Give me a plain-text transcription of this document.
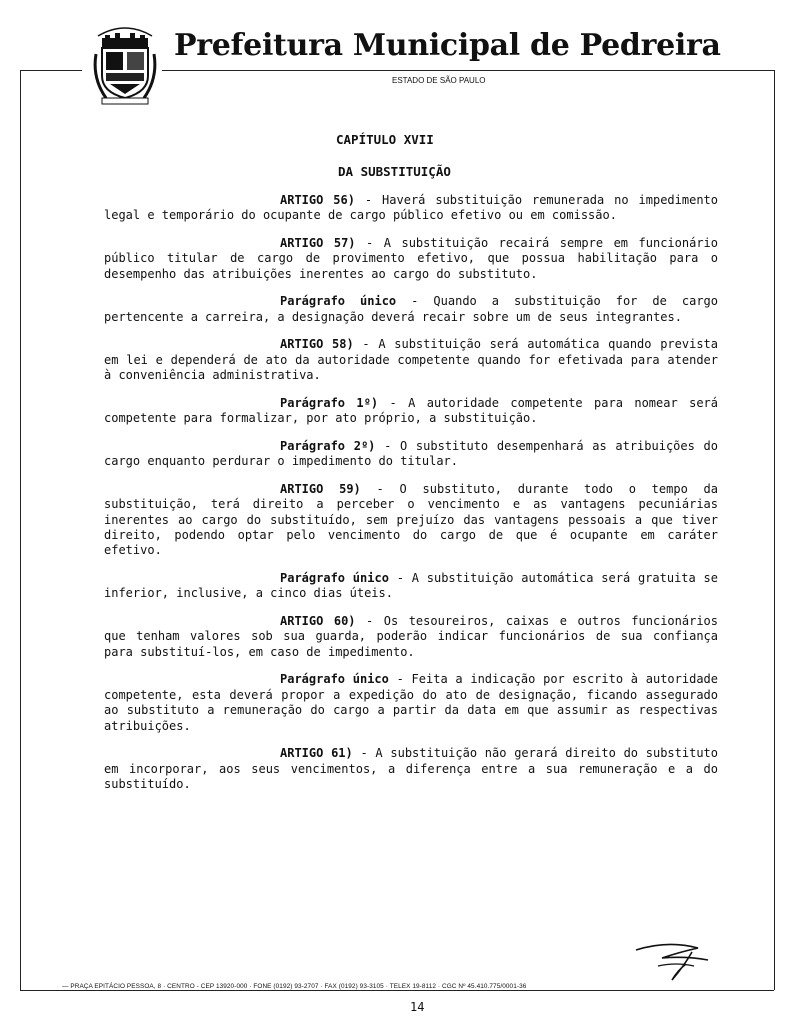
Prefeitura Municipal de Pedreira
ESTADO DE SÃO PAULO
CAPÍTULO XVII
DA SUBSTITUIÇÃO

ARTIGO 56) - Haverá substituição remunerada no impedimento legal e temporário do ocupante de cargo público efetivo ou em comissão.

ARTIGO 57) - A substituição recairá sempre em funcionário público titular de cargo de provimento efetivo, que possua habilitação para o desempenho das atribuições inerentes ao cargo do substituto.

Parágrafo único - Quando a substituição for de cargo pertencente a carreira, a designação deverá recair sobre um de seus integrantes.

ARTIGO 58) - A substituição será automática quando prevista em lei e dependerá de ato da autoridade competente quando for efetivada para atender à conveniência administrativa.

Parágrafo 1º) - A autoridade competente para nomear será competente para formalizar, por ato próprio, a substituição.

Parágrafo 2º) - O substituto desempenhará as atribuições do cargo enquanto perdurar o impedimento do titular.

ARTIGO 59) - O substituto, durante todo o tempo da substituição, terá direito a perceber o vencimento e as vantagens pecuniárias inerentes ao cargo do substituído, sem prejuízo das vantagens pessoais a que tiver direito, podendo optar pelo vencimento do cargo de que é ocupante em caráter efetivo.

Parágrafo único - A substituição automática será gratuita se inferior, inclusive, a cinco dias úteis.

ARTIGO 60) - Os tesoureiros, caixas e outros funcionários que tenham valores sob sua guarda, poderão indicar funcionários de sua confiança para substituí-los, em caso de impedimento.

Parágrafo único - Feita a indicação por escrito à autoridade competente, esta deverá propor a expedição do ato de designação, ficando assegurado ao substituto a remuneração do cargo a partir da data em que assumir as respectivas atribuições.

ARTIGO 61) - A substituição não gerará direito do substituto em incorporar, aos seus vencimentos, a diferença entre a sua remuneração e a do substituído.

— PRAÇA EPITÁCIO PESSOA, 8 · CENTRO - CEP 13920-000 · FONE (0192) 93-2707 · FAX (0192) 93-3105 · TELEX 19-8112 · CGC Nº 45.410.775/0001-36
14
